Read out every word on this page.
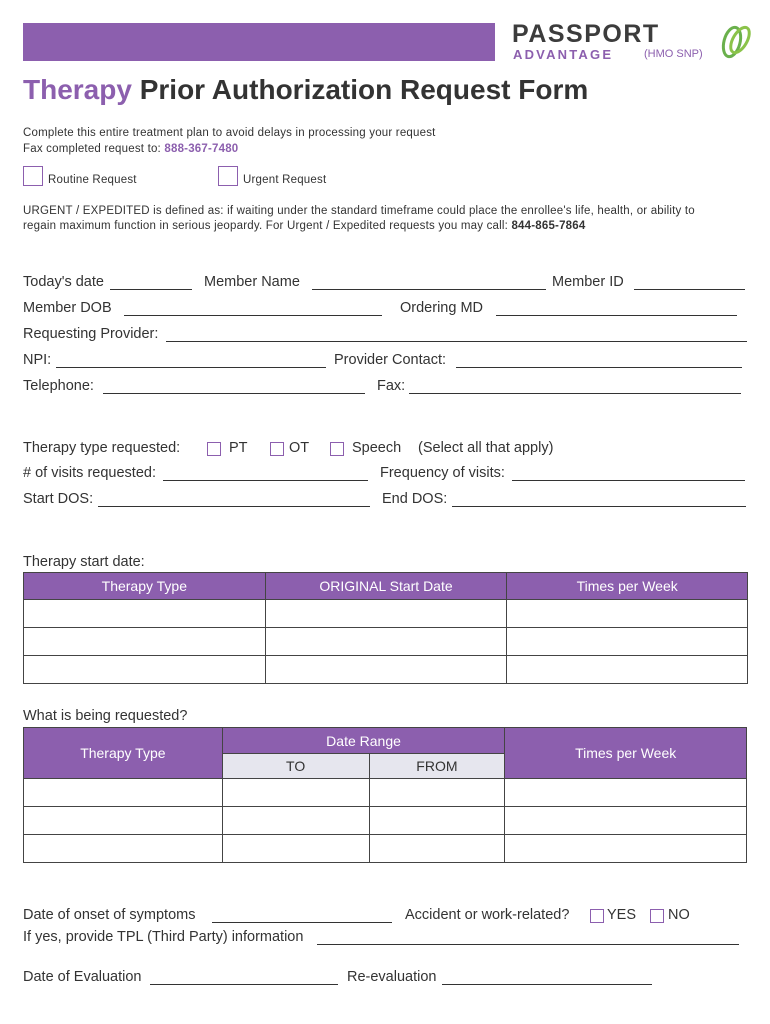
PASSPORT
ADVANTAGE	(HMO SNP)
Therapy Prior Authorization Request Form
Complete this entire treatment plan to avoid delays in processing your request
Fax completed request to: 888-367-7480
Routine Request	Urgent Request
URGENT / EXPEDITED is defined as: if waiting under the standard timeframe could place the enrollee's life, health, or ability to
regain maximum function in serious jeopardy. For Urgent / Expedited requests you may call: 844-865-7864
Today's date	Member Name	Member ID
Member DOB	Ordering MD
Requesting Provider:
NPI:	Provider Contact:
Telephone:	Fax:
Therapy type requested:	PT	OT	Speech (Select all that apply)
# of visits requested:	Frequency of visits:
Start DOS:	End DOS:
Therapy start date:
Therapy Type	ORIGINAL Start Date	Times per Week

What is being requested?
Therapy Type	Date Range		Times per Week
	TO	FROM	

Date of onset of symptoms	Accident or work-related?	YES NO
If yes, provide TPL (Third Party) information
Date of Evaluation	Re-evaluation
